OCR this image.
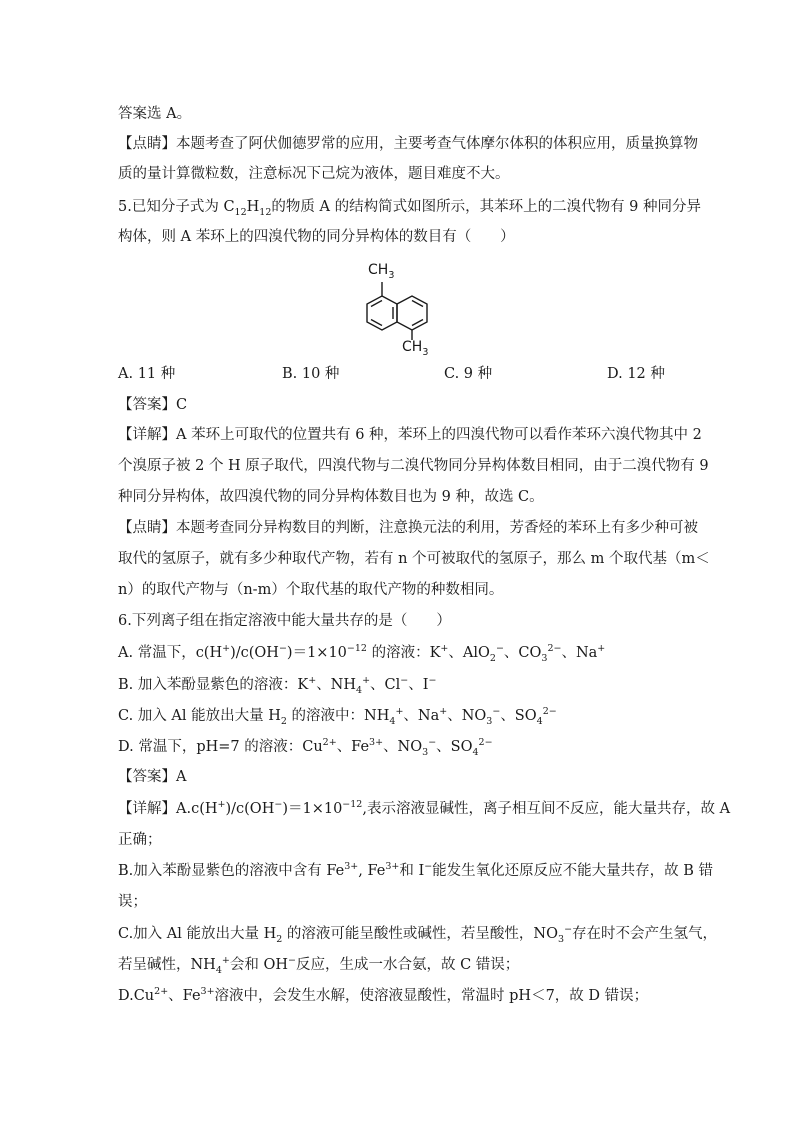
答案选 A。
【点睛】本题考查了阿伏伽德罗常的应用，主要考查气体摩尔体积的体积应用，质量换算物
质的量计算微粒数，注意标况下己烷为液体，题目难度不大。
5.已知分子式为 $C_{12}H_{12}$的物质 A 的结构简式如图所示，其苯环上的二溴代物有 9 种同分异
构体，则 A 苯环上的四溴代物的同分异构体的数目有（　　）
$CH_3$
$CH_3$
A. 11 种	B. 10 种	C. 9 种	D. 12 种
【答案】C
【详解】A 苯环上可取代的位置共有 6 种，苯环上的四溴代物可以看作苯环六溴代物其中 2
个溴原子被 2 个 H 原子取代，四溴代物与二溴代物同分异构体数目相同，由于二溴代物有 9
种同分异构体，故四溴代物的同分异构体数目也为 9 种，故选 C。
【点睛】本题考查同分异构数目的判断，注意换元法的利用，芳香烃的苯环上有多少种可被
取代的氢原子，就有多少种取代产物，若有 n 个可被取代的氢原子，那么 m 个取代基（m＜
n）的取代产物与（n-m）个取代基的取代产物的种数相同。
6.下列离子组在指定溶液中能大量共存的是（　　）
A. 常温下，$c(H^+)/c(OH^-)=1\times 10^{-12}$ 的溶液：K+、AlO$_2$−、$CO_3^{2-}$、Na+
B. 加入苯酚显紫色的溶液：K+、$NH_4^+$、Cl−、I−
C. 加入 Al 能放出大量 $H_2$ 的溶液中：$NH_4^+$、Na+、$NO_3^-$、$SO_4^{2-}$
D. 常温下，pH=7 的溶液：$Cu^{2+}$、$Fe^{3+}$、$NO_3^-$、$SO_4^{2-}$
【答案】A
【详解】$A.c(H^+)/c(OH^-)=1\times 10^{-12}$,表示溶液显碱性，离子相互间不反应，能大量共存，故 A
正确；
B.加入苯酚显紫色的溶液中含有 $Fe^{3+}$, $Fe^{3+}$和 I−能发生氧化还原反应不能大量共存，故 B 错
误；
C.加入 Al 能放出大量 $H_2$ 的溶液可能呈酸性或碱性，若呈酸性，$NO_3^-$存在时不会产生氢气，
若呈碱性，$NH_4^+$会和 OH−反应，生成一水合氨，故 C 错误；
$D.Cu^{2+}$、$Fe^{3+}$溶液中，会发生水解，使溶液显酸性，常温时 pH＜7，故 D 错误；
